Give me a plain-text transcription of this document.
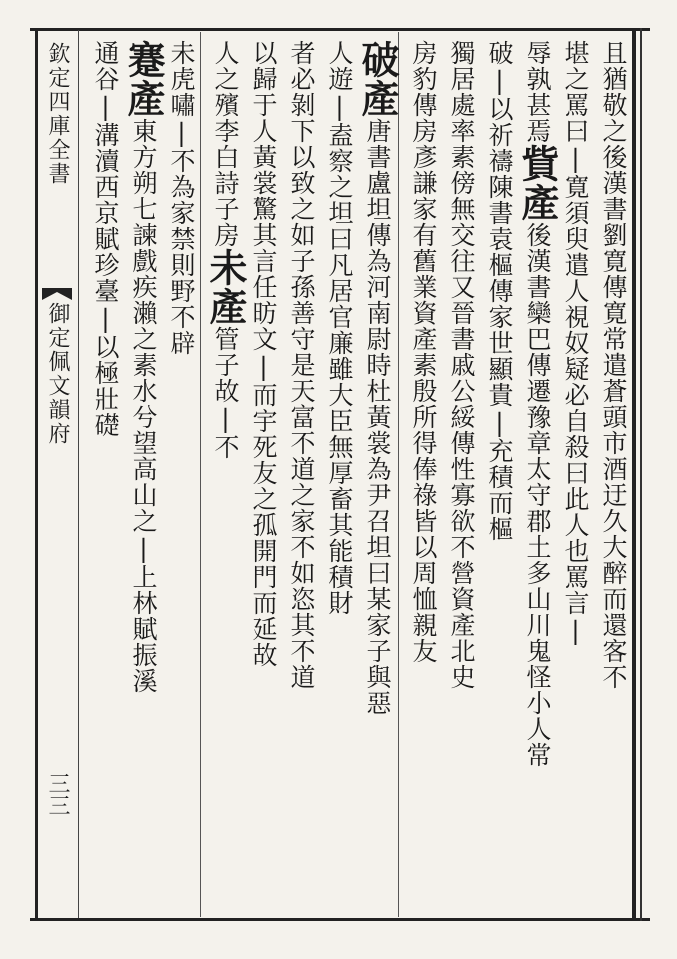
欽定四庫全書
御定佩文韻府
三三
且猶敬之後漢書劉寛傳寛常遣蒼頭市酒迂久大醉而還客不
堪之罵曰|寛須臾遣人視奴疑必自殺曰此人也罵言|
辱孰甚焉貲產後漢書欒巴傳遷豫章太守郡土多山川鬼怪小人常
破|以祈禱陳書袁樞傳家世顯貴|充積而樞
獨居處率素傍無交往又晉書戚公綏傳性寡欲不營資產北史
房豹傳房彥謙家有舊業資產素殷所得俸祿皆以周恤親友
破產唐書盧坦傳為河南尉時杜黃裳為尹召坦曰某家子與惡
人遊|盍察之坦曰凡居官廉雖大臣無厚畜其能積財
者必剝下以致之如子孫善守是天富不道之家不如恣其不道
以歸于人黃裳驚其言任昉文|而宇死友之孤開門而延故
人之殯李白詩子房未產管子故|不
未虎嘯|不為家禁則野不辟
蹇產東方朔七諫戲疾瀨之素水兮望高山之|上林賦振溪
通谷|溝瀆西京賦珍臺|以極壯礎
